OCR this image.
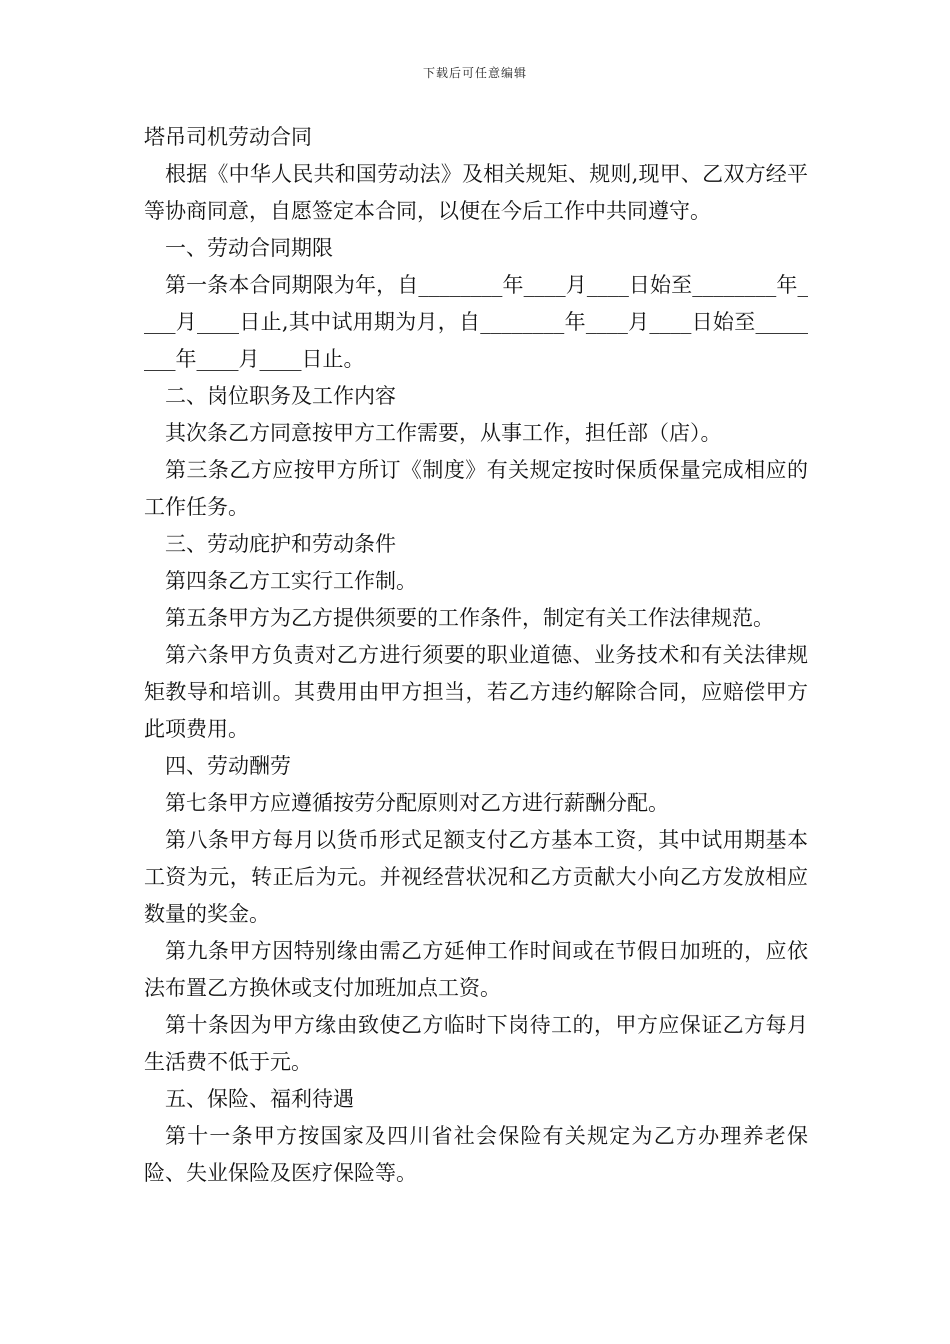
下载后可任意编辑

塔吊司机劳动合同

根据《中华人民共和国劳动法》及相关规矩、规则,现甲、乙双方经平等协商同意，自愿签定本合同，以便在今后工作中共同遵守。

一、劳动合同期限

第一条本合同期限为年，自________年____月____日始至________年____月____日止,其中试用期为月，自________年____月____日始至________年____月____日止。

二、岗位职务及工作内容

其次条乙方同意按甲方工作需要，从事工作，担任部（店）。

第三条乙方应按甲方所订《制度》有关规定按时保质保量完成相应的工作任务。

三、劳动庇护和劳动条件

第四条乙方工实行工作制。

第五条甲方为乙方提供须要的工作条件，制定有关工作法律规范。

第六条甲方负责对乙方进行须要的职业道德、业务技术和有关法律规矩教导和培训。其费用由甲方担当，若乙方违约解除合同，应赔偿甲方此项费用。

四、劳动酬劳

第七条甲方应遵循按劳分配原则对乙方进行薪酬分配。

第八条甲方每月以货币形式足额支付乙方基本工资，其中试用期基本工资为元，转正后为元。并视经营状况和乙方贡献大小向乙方发放相应数量的奖金。

第九条甲方因特别缘由需乙方延伸工作时间或在节假日加班的，应依法布置乙方换休或支付加班加点工资。

第十条因为甲方缘由致使乙方临时下岗待工的，甲方应保证乙方每月生活费不低于元。

五、保险、福利待遇

第十一条甲方按国家及四川省社会保险有关规定为乙方办理养老保险、失业保险及医疗保险等。
